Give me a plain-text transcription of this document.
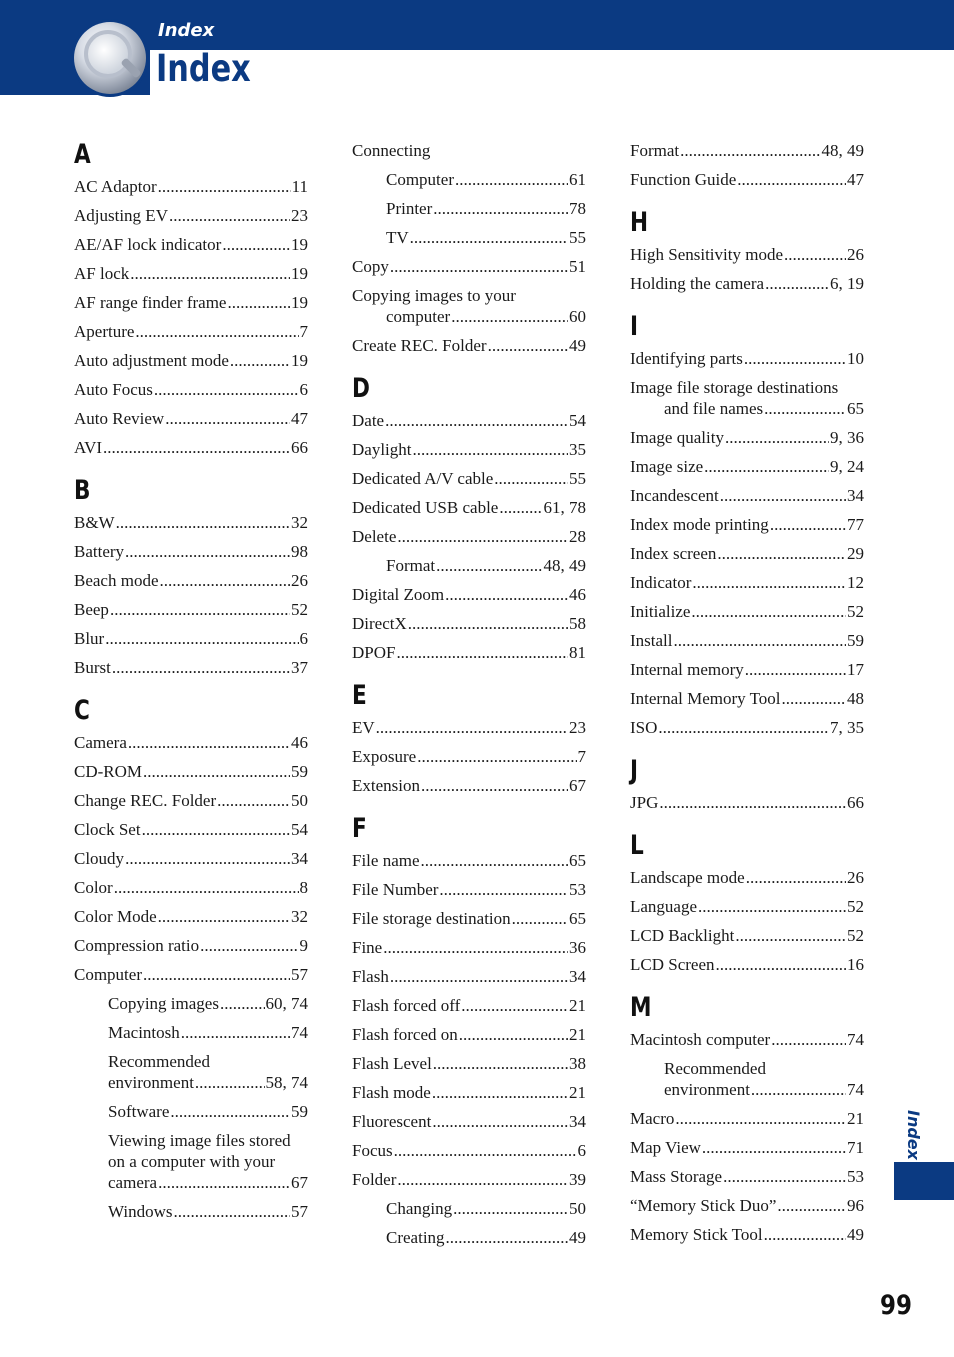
Index
Index
A
AC Adaptor .....	11
Adjusting EV .....	23
AE/AF lock indicator .....	19
AF lock .....	19
AF range finder frame .....	19
Aperture .....	7
Auto adjustment mode .....	19
Auto Focus .....	6
Auto Review .....	47
AVI .....	66
B
B&W .....	32
Battery .....	98
Beach mode .....	26
Beep .....	52
Blur .....	6
Burst .....	37
C
Camera .....	46
CD-ROM .....	59
Change REC. Folder .....	50
Clock Set .....	54
Cloudy .....	34
Color .....	8
Color Mode .....	32
Compression ratio .....	9
Computer .....	57
Copying images .....	60, 74
Macintosh .....	74
Recommended
environment .....	58, 74
Software .....	59
Viewing image files stored
on a computer with your
camera .....	67
Windows .....	57
Connecting
Computer .....	61
Printer .....	78
TV .....	55
Copy .....	51
Copying images to your
computer .....	60
Create REC. Folder .....	49
D
Date .....	54
Daylight .....	35
Dedicated A/V cable .....	55
Dedicated USB cable .....	61, 78
Delete .....	28
Format .....	48, 49
Digital Zoom .....	46
DirectX .....	58
DPOF .....	81
E
EV .....	23
Exposure .....	7
Extension .....	67
F
File name .....	65
File Number .....	53
File storage destination .....	65
Fine .....	36
Flash .....	34
Flash forced off .....	21
Flash forced on .....	21
Flash Level .....	38
Flash mode .....	21
Fluorescent .....	34
Focus .....	6
Folder .....	39
Changing .....	50
Creating .....	49
Format .....	48, 49
Function Guide .....	47
H
High Sensitivity mode .....	26
Holding the camera .....	6, 19
I
Identifying parts .....	10
Image file storage destinations
and file names .....	65
Image quality .....	9, 36
Image size .....	9, 24
Incandescent .....	34
Index mode printing .....	77
Index screen .....	29
Indicator .....	12
Initialize .....	52
Install .....	59
Internal memory .....	17
Internal Memory Tool .....	48
ISO .....	7, 35
J
JPG .....	66
L
Landscape mode .....	26
Language .....	52
LCD Backlight .....	52
LCD Screen .....	16
M
Macintosh computer .....	74
Recommended
environment .....	74
Macro .....	21
Map View .....	71
Mass Storage .....	53
“Memory Stick Duo” .....	96
Memory Stick Tool .....	49
Index
99
